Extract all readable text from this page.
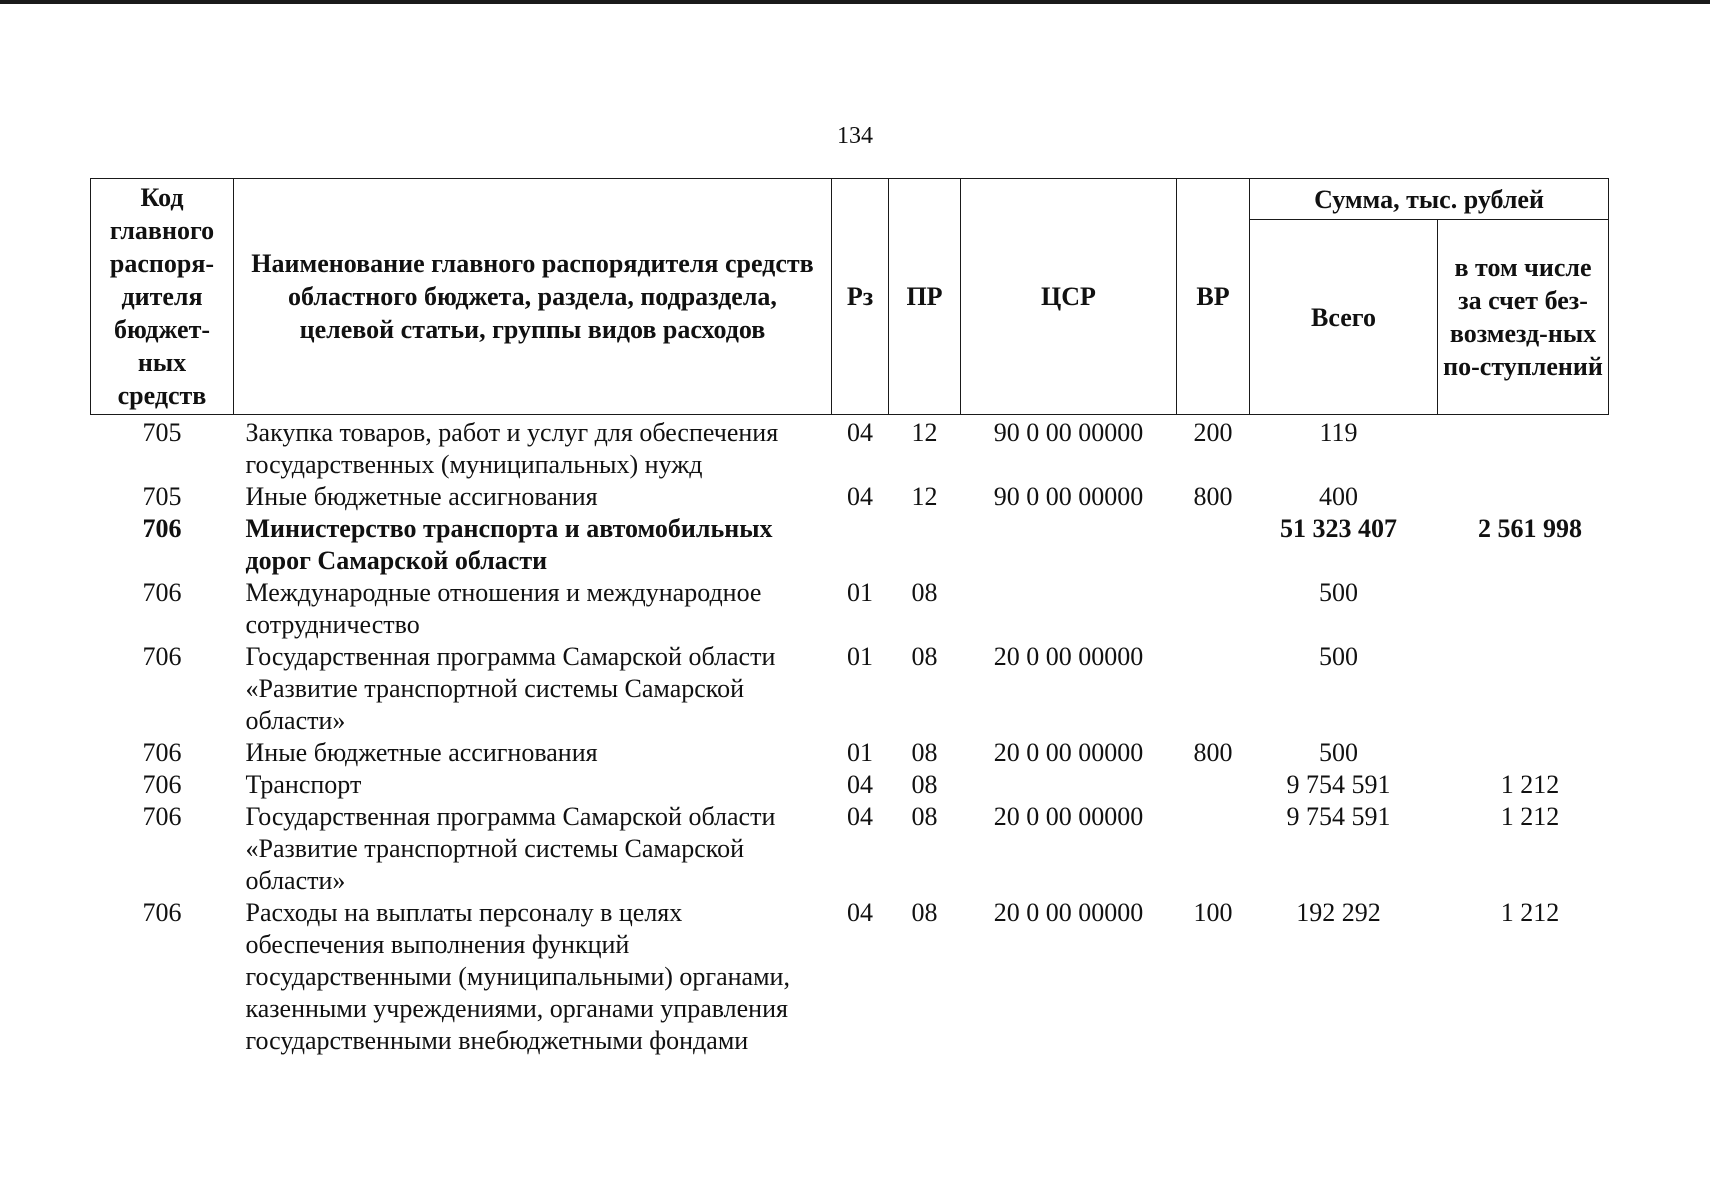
134
Код главного распоря-дителя бюджет-ных средств	Наименование главного распорядителя средств областного бюджета, раздела, подраздела, целевой статьи, группы видов расходов	Рз	ПР	ЦСР	ВР	Сумма, тыс. рублей	
						Всего	в том числе за счет без-возмезд-ных по-ступлений
705	Закупка товаров, работ и услуг для обеспечения государственных (муниципальных) нужд	04	12	90 0 00 00000	200	119	
705	Иные бюджетные ассигнования	04	12	90 0 00 00000	800	400	
706	Министерство транспорта и автомобильных дорог Самарской области					51 323 407	2 561 998
706	Международные отношения и международное сотрудничество	01	08			500	
706	Государственная программа Самарской области «Развитие транспортной системы Самарской области»	01	08	20 0 00 00000		500	
706	Иные бюджетные ассигнования	01	08	20 0 00 00000	800	500	
706	Транспорт	04	08			9 754 591	1 212
706	Государственная программа Самарской области «Развитие транспортной системы Самарской области»	04	08	20 0 00 00000		9 754 591	1 212
706	Расходы на выплаты персоналу в целях обеспечения выполнения функций государственными (муниципальными) органами, казенными учреждениями, органами управления государственными внебюджетными фондами	04	08	20 0 00 00000	100	192 292	1 212
